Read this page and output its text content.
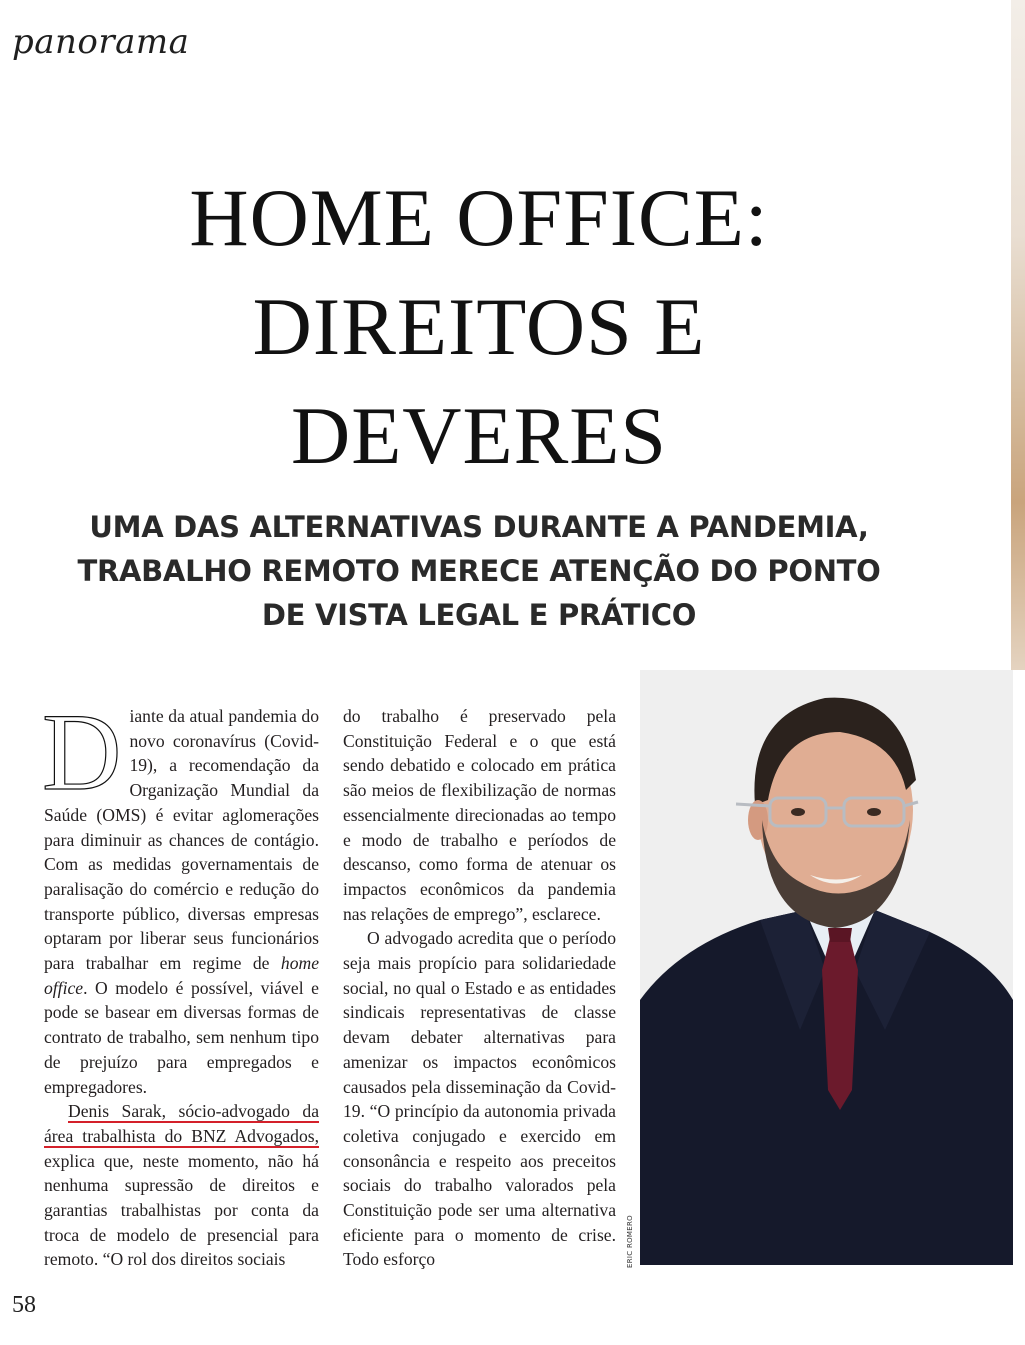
panorama
HOME OFFICE:
DIREITOS E
DEVERES
UMA DAS ALTERNATIVAS DURANTE A PANDEMIA,
TRABALHO REMOTO MERECE ATENÇÃO DO PONTO
DE VISTA LEGAL E PRÁTICO

Diante da atual pandemia do novo coronavírus (Covid-19), a recomendação da Organização Mundial da Saúde (OMS) é evitar aglomerações para diminuir as chances de contágio. Com as medidas governamentais de paralisação do comércio e redução do transporte público, diversas empresas optaram por liberar seus funcionários para trabalhar em regime de home office. O modelo é possível, viável e pode se basear em diversas formas de contrato de trabalho, sem nenhum tipo de prejuízo para empregados e empregadores.

Denis Sarak, sócio-advogado da área trabalhista do BNZ Advogados, explica que, neste momento, não há nenhuma supressão de direitos e garantias trabalhistas por conta da troca de modelo de presencial para remoto. “O rol dos direitos sociais

do trabalho é preservado pela Constituição Federal e o que está sendo debatido e colocado em prática são meios de flexibilização de normas essencialmente direcionadas ao tempo e modo de trabalho e períodos de descanso, como forma de atenuar os impactos econômicos da pandemia nas relações de emprego”, esclarece.

O advogado acredita que o período seja mais propício para solidariedade social, no qual o Estado e as entidades sindicais representativas de classe devam debater alternativas para amenizar os impactos econômicos causados pela disseminação da Covid-19. “O princípio da autonomia privada coletiva conjugado e exercido em consonância e respeito aos preceitos sociais do trabalho valorados pela Constituição pode ser uma alternativa eficiente para o momento de crise. Todo esforço	ERIC ROMERO
58
